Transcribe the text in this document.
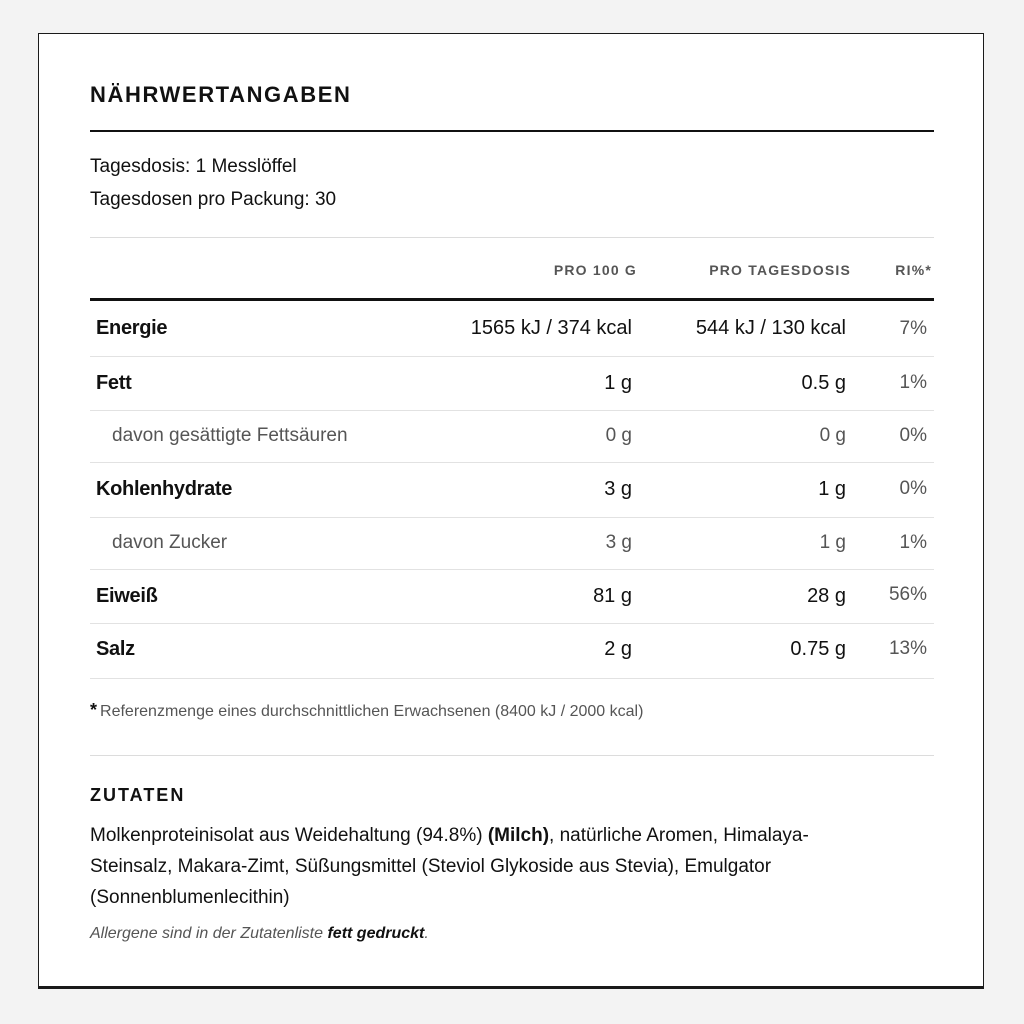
NÄHRWERTANGABEN
Tagesdosis: 1 Messlöffel
Tagesdosen pro Packung: 30
PRO 100 G	PRO TAGESDOSIS	RI%*
Energie	1565 kJ / 374 kcal	544 kJ / 130 kcal	7%
Fett	1 g	0.5 g	1%
davon gesättigte Fettsäuren	0 g	0 g	0%
Kohlenhydrate	3 g	1 g	0%
davon Zucker	3 g	1 g	1%
Eiweiß	81 g	28 g 56%
Salz	2 g	0.75 g 13%
* Referenzmenge eines durchschnittlichen Erwachsenen (8400 kJ / 2000 kcal)
ZUTATEN
Molkenproteinisolat aus Weidehaltung (94.8%) (Milch), natürliche Aromen, Himalaya-Steinsalz, Makara-Zimt, Süßungsmittel (Steviol Glykoside aus Stevia), Emulgator (Sonnenblumenlecithin)
Allergene sind in der Zutatenliste fett gedruckt.
